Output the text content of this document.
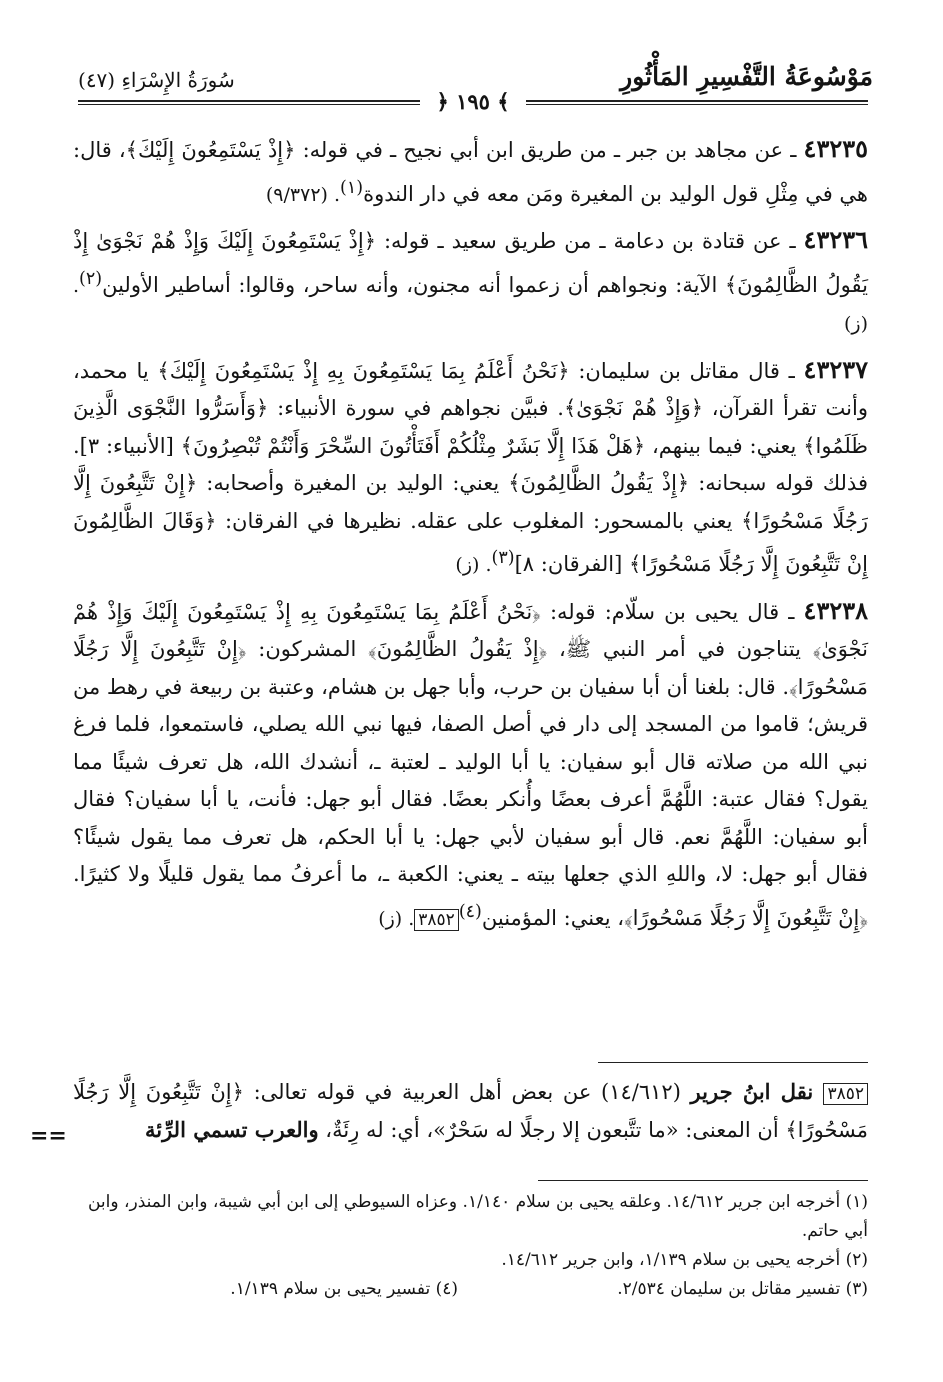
مَوْسُوعَةُ التَّفْسِيرِ المَأْثُورِ
سُورَةُ الإِسْرَاءِ (٤٧)
﴾ ١٩٥ ﴿

٤٣٢٣٥ ـ عن مجاهد بن جبر ـ من طريق ابن أبي نجيح ـ في قوله: ﴿إِذْ يَسْتَمِعُونَ إِلَيْكَ﴾، قال: هي في مِثْلِ قول الوليد بن المغيرة ومَن معه في دار الندوة$^{(١)}$. (٩/٣٧٢)

٤٣٢٣٦ ـ عن قتادة بن دعامة ـ من طريق سعيد ـ قوله: ﴿إِذْ يَسْتَمِعُونَ إِلَيْكَ وَإِذْ هُمْ نَجْوَىٰ إِذْ يَقُولُ الظَّالِمُونَ﴾ الآية: ونجواهم أن زعموا أنه مجنون، وأنه ساحر، وقالوا: أساطير الأولين$^{(٢)}$. (ز)

٤٣٢٣٧ ـ قال مقاتل بن سليمان: ﴿نَحْنُ أَعْلَمُ بِمَا يَسْتَمِعُونَ بِهِ إِذْ يَسْتَمِعُونَ إِلَيْكَ﴾ يا محمد، وأنت تقرأ القرآن، ﴿وَإِذْ هُمْ نَجْوَىٰ﴾. فبيَّن نجواهم في سورة الأنبياء: ﴿وَأَسَرُّوا النَّجْوَى الَّذِينَ ظَلَمُوا﴾ يعني: فيما بينهم، ﴿هَلْ هَذَا إِلَّا بَشَرٌ مِثْلُكُمْ أَفَتَأْتُونَ السِّحْرَ وَأَنْتُمْ تُبْصِرُونَ﴾ [الأنبياء: ٣]. فذلك قوله سبحانه: ﴿إِذْ يَقُولُ الظَّالِمُونَ﴾ يعني: الوليد بن المغيرة وأصحابه: ﴿إِنْ تَتَّبِعُونَ إِلَّا رَجُلًا مَسْحُورًا﴾ يعني بالمسحور: المغلوب على عقله. نظيرها في الفرقان: ﴿وَقَالَ الظَّالِمُونَ إِنْ تَتَّبِعُونَ إِلَّا رَجُلًا مَسْحُورًا﴾ [الفرقان: ٨]$^{(٣)}$. (ز)

٤٣٢٣٨ ـ قال يحيى بن سلّام: قوله: ﴿نَحْنُ أَعْلَمُ بِمَا يَسْتَمِعُونَ بِهِ إِذْ يَسْتَمِعُونَ إِلَيْكَ وَإِذْ هُمْ نَجْوَىٰ﴾ يتناجون في أمر النبي ﷺ، ﴿إِذْ يَقُولُ الظَّالِمُونَ﴾ المشركون: ﴿إِنْ تَتَّبِعُونَ إِلَّا رَجُلًا مَسْحُورًا﴾. قال: بلغنا أن أبا سفيان بن حرب، وأبا جهل بن هشام، وعتبة بن ربيعة في رهط من قريش؛ قاموا من المسجد إلى دار في أصل الصفا، فيها نبي الله يصلي، فاستمعوا، فلما فرغ نبي الله من صلاته قال أبو سفيان: يا أبا الوليد ـ لعتبة ـ، أنشدك الله، هل تعرف شيئًا مما يقول؟ فقال عتبة: اللَّهُمَّ أعرف بعضًا وأُنكر بعضًا. فقال أبو جهل: فأنت، يا أبا سفيان؟ فقال أبو سفيان: اللَّهُمَّ نعم. قال أبو سفيان لأبي جهل: يا أبا الحكم، هل تعرف مما يقول شيئًا؟ فقال أبو جهل: لا، واللهِ الذي جعلها بيته ـ يعني: الكعبة ـ، ما أعرفُ مما يقول قليلًا ولا كثيرًا. ﴿إِنْ تَتَّبِعُونَ إِلَّا رَجُلًا مَسْحُورًا﴾، يعني: المؤمنين$^{(٤)}$٣٨٥٢. (ز)

٣٨٥٢ نقل ابنُ جرير (١٤/٦١٢) عن بعض أهل العربية في قوله تعالى: ﴿إِنْ تَتَّبِعُونَ إِلَّا رَجُلًا مَسْحُورًا﴾ أن المعنى: «ما تتَّبعون إلا رجلًا له سَحْرٌ»، أي: له رِئَةٌ، والعرب تسمي الرِّئة
==

(١) أخرجه ابن جرير ١٤/٦١٢. وعلقه يحيى بن سلام ١/١٤٠. وعزاه السيوطي إلى ابن أبي شيبة، وابن المنذر، وابن أبي حاتم.

(٢) أخرجه يحيى بن سلام ١/١٣٩، وابن جرير ١٤/٦١٢.

(٣) تفسير مقاتل بن سليمان ٢/٥٣٤.
(٤) تفسير يحيى بن سلام ١/١٣٩.
